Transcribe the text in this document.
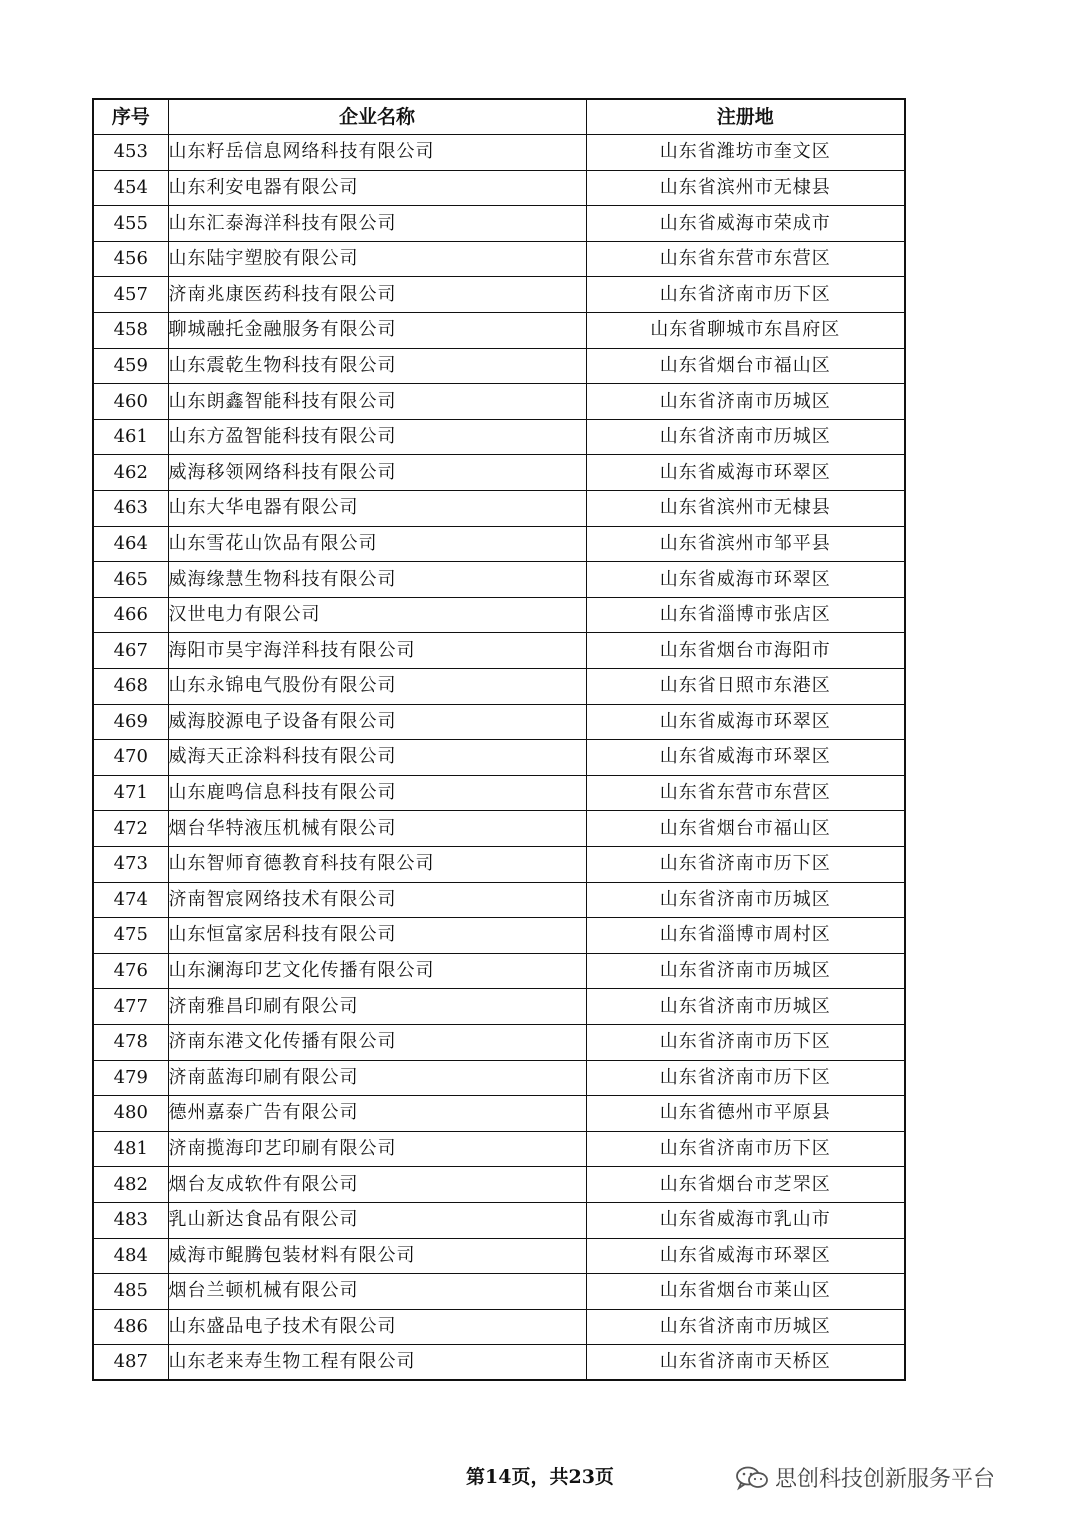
序号	企业名称	注册地
453	山东籽岳信息网络科技有限公司	山东省潍坊市奎文区
454	山东利安电器有限公司	山东省滨州市无棣县
455	山东汇泰海洋科技有限公司	山东省威海市荣成市
456	山东陆宇塑胶有限公司	山东省东营市东营区
457	济南兆康医药科技有限公司	山东省济南市历下区
458	聊城融托金融服务有限公司	山东省聊城市东昌府区
459	山东震乾生物科技有限公司	山东省烟台市福山区
460	山东朗鑫智能科技有限公司	山东省济南市历城区
461	山东方盈智能科技有限公司	山东省济南市历城区
462	威海移领网络科技有限公司	山东省威海市环翠区
463	山东大华电器有限公司	山东省滨州市无棣县
464	山东雪花山饮品有限公司	山东省滨州市邹平县
465	威海缘慧生物科技有限公司	山东省威海市环翠区
466	汉世电力有限公司	山东省淄博市张店区
467	海阳市昊宇海洋科技有限公司	山东省烟台市海阳市
468	山东永锦电气股份有限公司	山东省日照市东港区
469	威海胶源电子设备有限公司	山东省威海市环翠区
470	威海天正涂料科技有限公司	山东省威海市环翠区
471	山东鹿鸣信息科技有限公司	山东省东营市东营区
472	烟台华特液压机械有限公司	山东省烟台市福山区
473	山东智师育德教育科技有限公司	山东省济南市历下区
474	济南智宸网络技术有限公司	山东省济南市历城区
475	山东恒富家居科技有限公司	山东省淄博市周村区
476	山东澜海印艺文化传播有限公司	山东省济南市历城区
477	济南雅昌印刷有限公司	山东省济南市历城区
478	济南东港文化传播有限公司	山东省济南市历下区
479	济南蓝海印刷有限公司	山东省济南市历下区
480	德州嘉泰广告有限公司	山东省德州市平原县
481	济南揽海印艺印刷有限公司	山东省济南市历下区
482	烟台友成软件有限公司	山东省烟台市芝罘区
483	乳山新达食品有限公司	山东省威海市乳山市
484	威海市鲲腾包装材料有限公司	山东省威海市环翠区
485	烟台兰顿机械有限公司	山东省烟台市莱山区
486	山东盛品电子技术有限公司	山东省济南市历城区
487	山东老来寿生物工程有限公司	山东省济南市天桥区
第14页，共23页	思创科技创新服务平台
